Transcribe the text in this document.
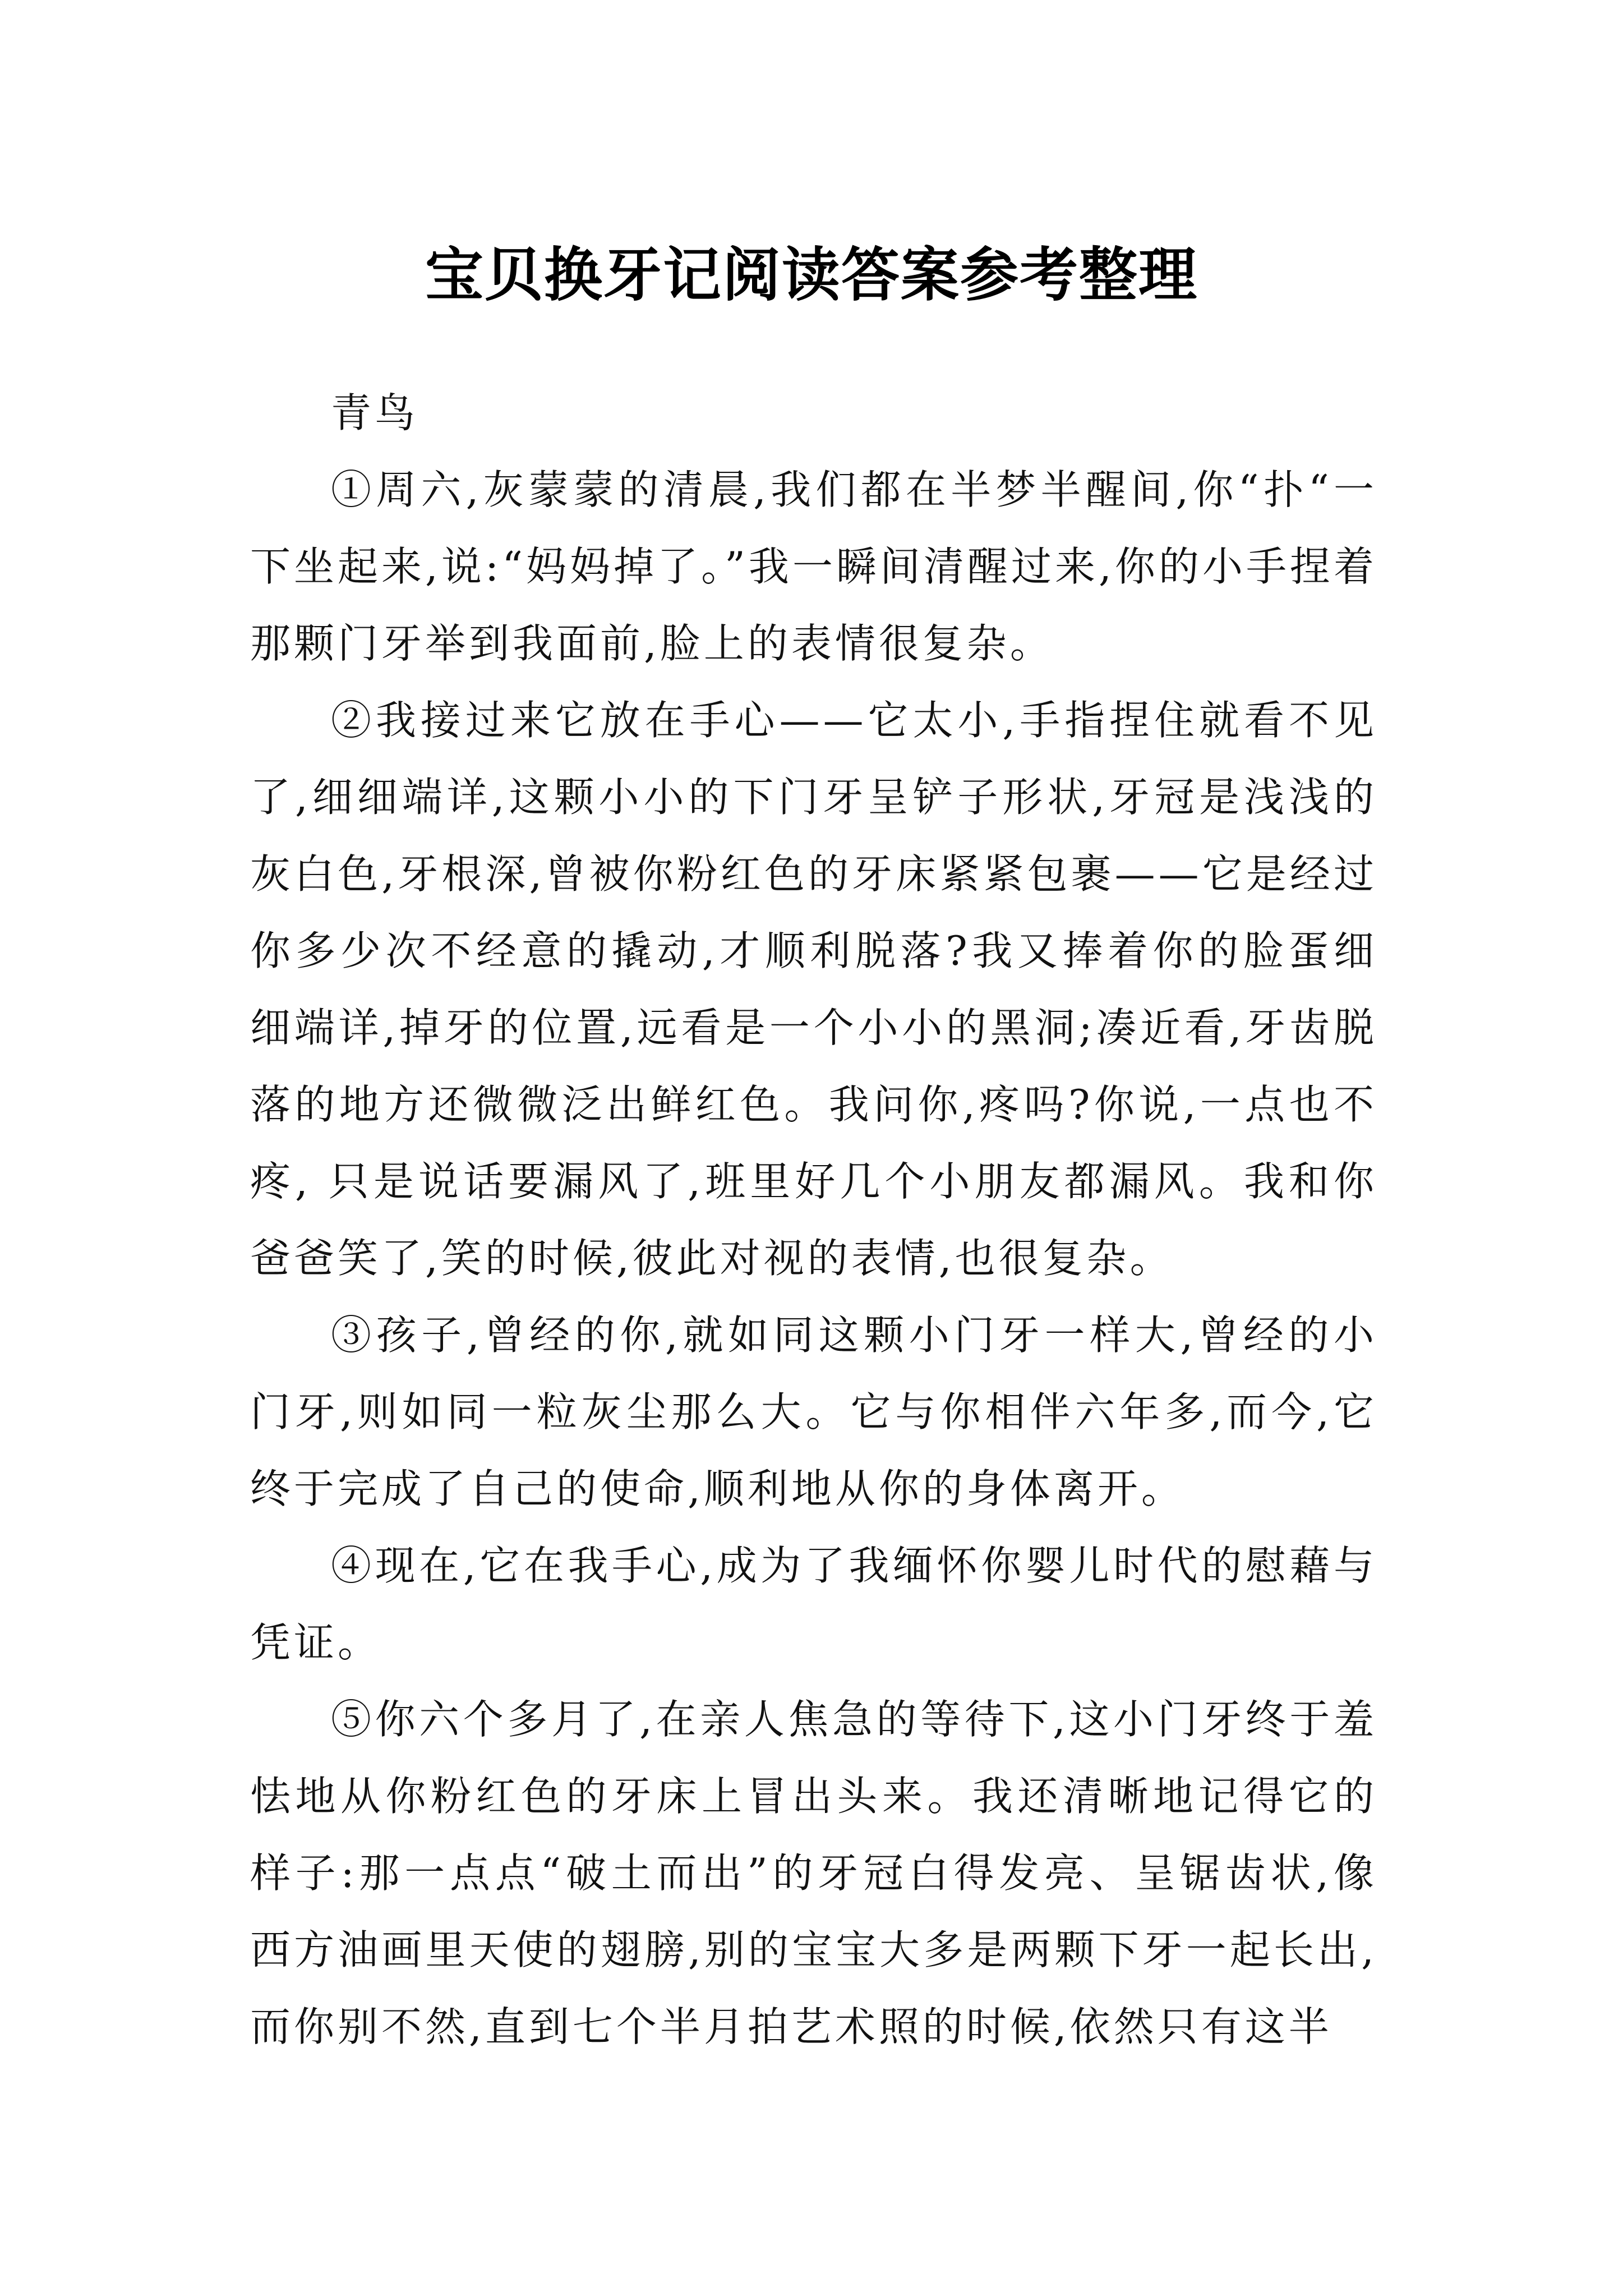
宝贝换牙记阅读答案参考整理

青鸟

①周六,灰蒙蒙的清晨,我们都在半梦半醒间,你“扑“一下坐起来,说:“妈妈掉了。”我一瞬间清醒过来,你的小手捏着那颗门牙举到我面前,脸上的表情很复杂。

②我接过来它放在手心——它太小,手指捏住就看不见了,细细端详,这颗小小的下门牙呈铲子形状,牙冠是浅浅的灰白色,牙根深,曾被你粉红色的牙床紧紧包裹——它是经过你多少次不经意的撬动,才顺利脱落?我又捧着你的脸蛋细细端详,掉牙的位置,远看是一个小小的黑洞;凑近看,牙齿脱落的地方还微微泛出鲜红色。我问你,疼吗?你说,一点也不疼, 只是说话要漏风了,班里好几个小朋友都漏风。我和你爸爸笑了,笑的时候,彼此对视的表情,也很复杂。

③孩子,曾经的你,就如同这颗小门牙一样大,曾经的小门牙,则如同一粒灰尘那么大。它与你相伴六年多,而今,它终于完成了自己的使命,顺利地从你的身体离开。

④现在,它在我手心,成为了我缅怀你婴儿时代的慰藉与凭证。

⑤你六个多月了,在亲人焦急的等待下,这小门牙终于羞怯地从你粉红色的牙床上冒出头来。我还清晰地记得它的样子:那一点点“破土而出”的牙冠白得发亮、呈锯齿状,像西方油画里天使的翅膀,别的宝宝大多是两颗下牙一起长出,而你别不然,直到七个半月拍艺术照的时候,依然只有这半
